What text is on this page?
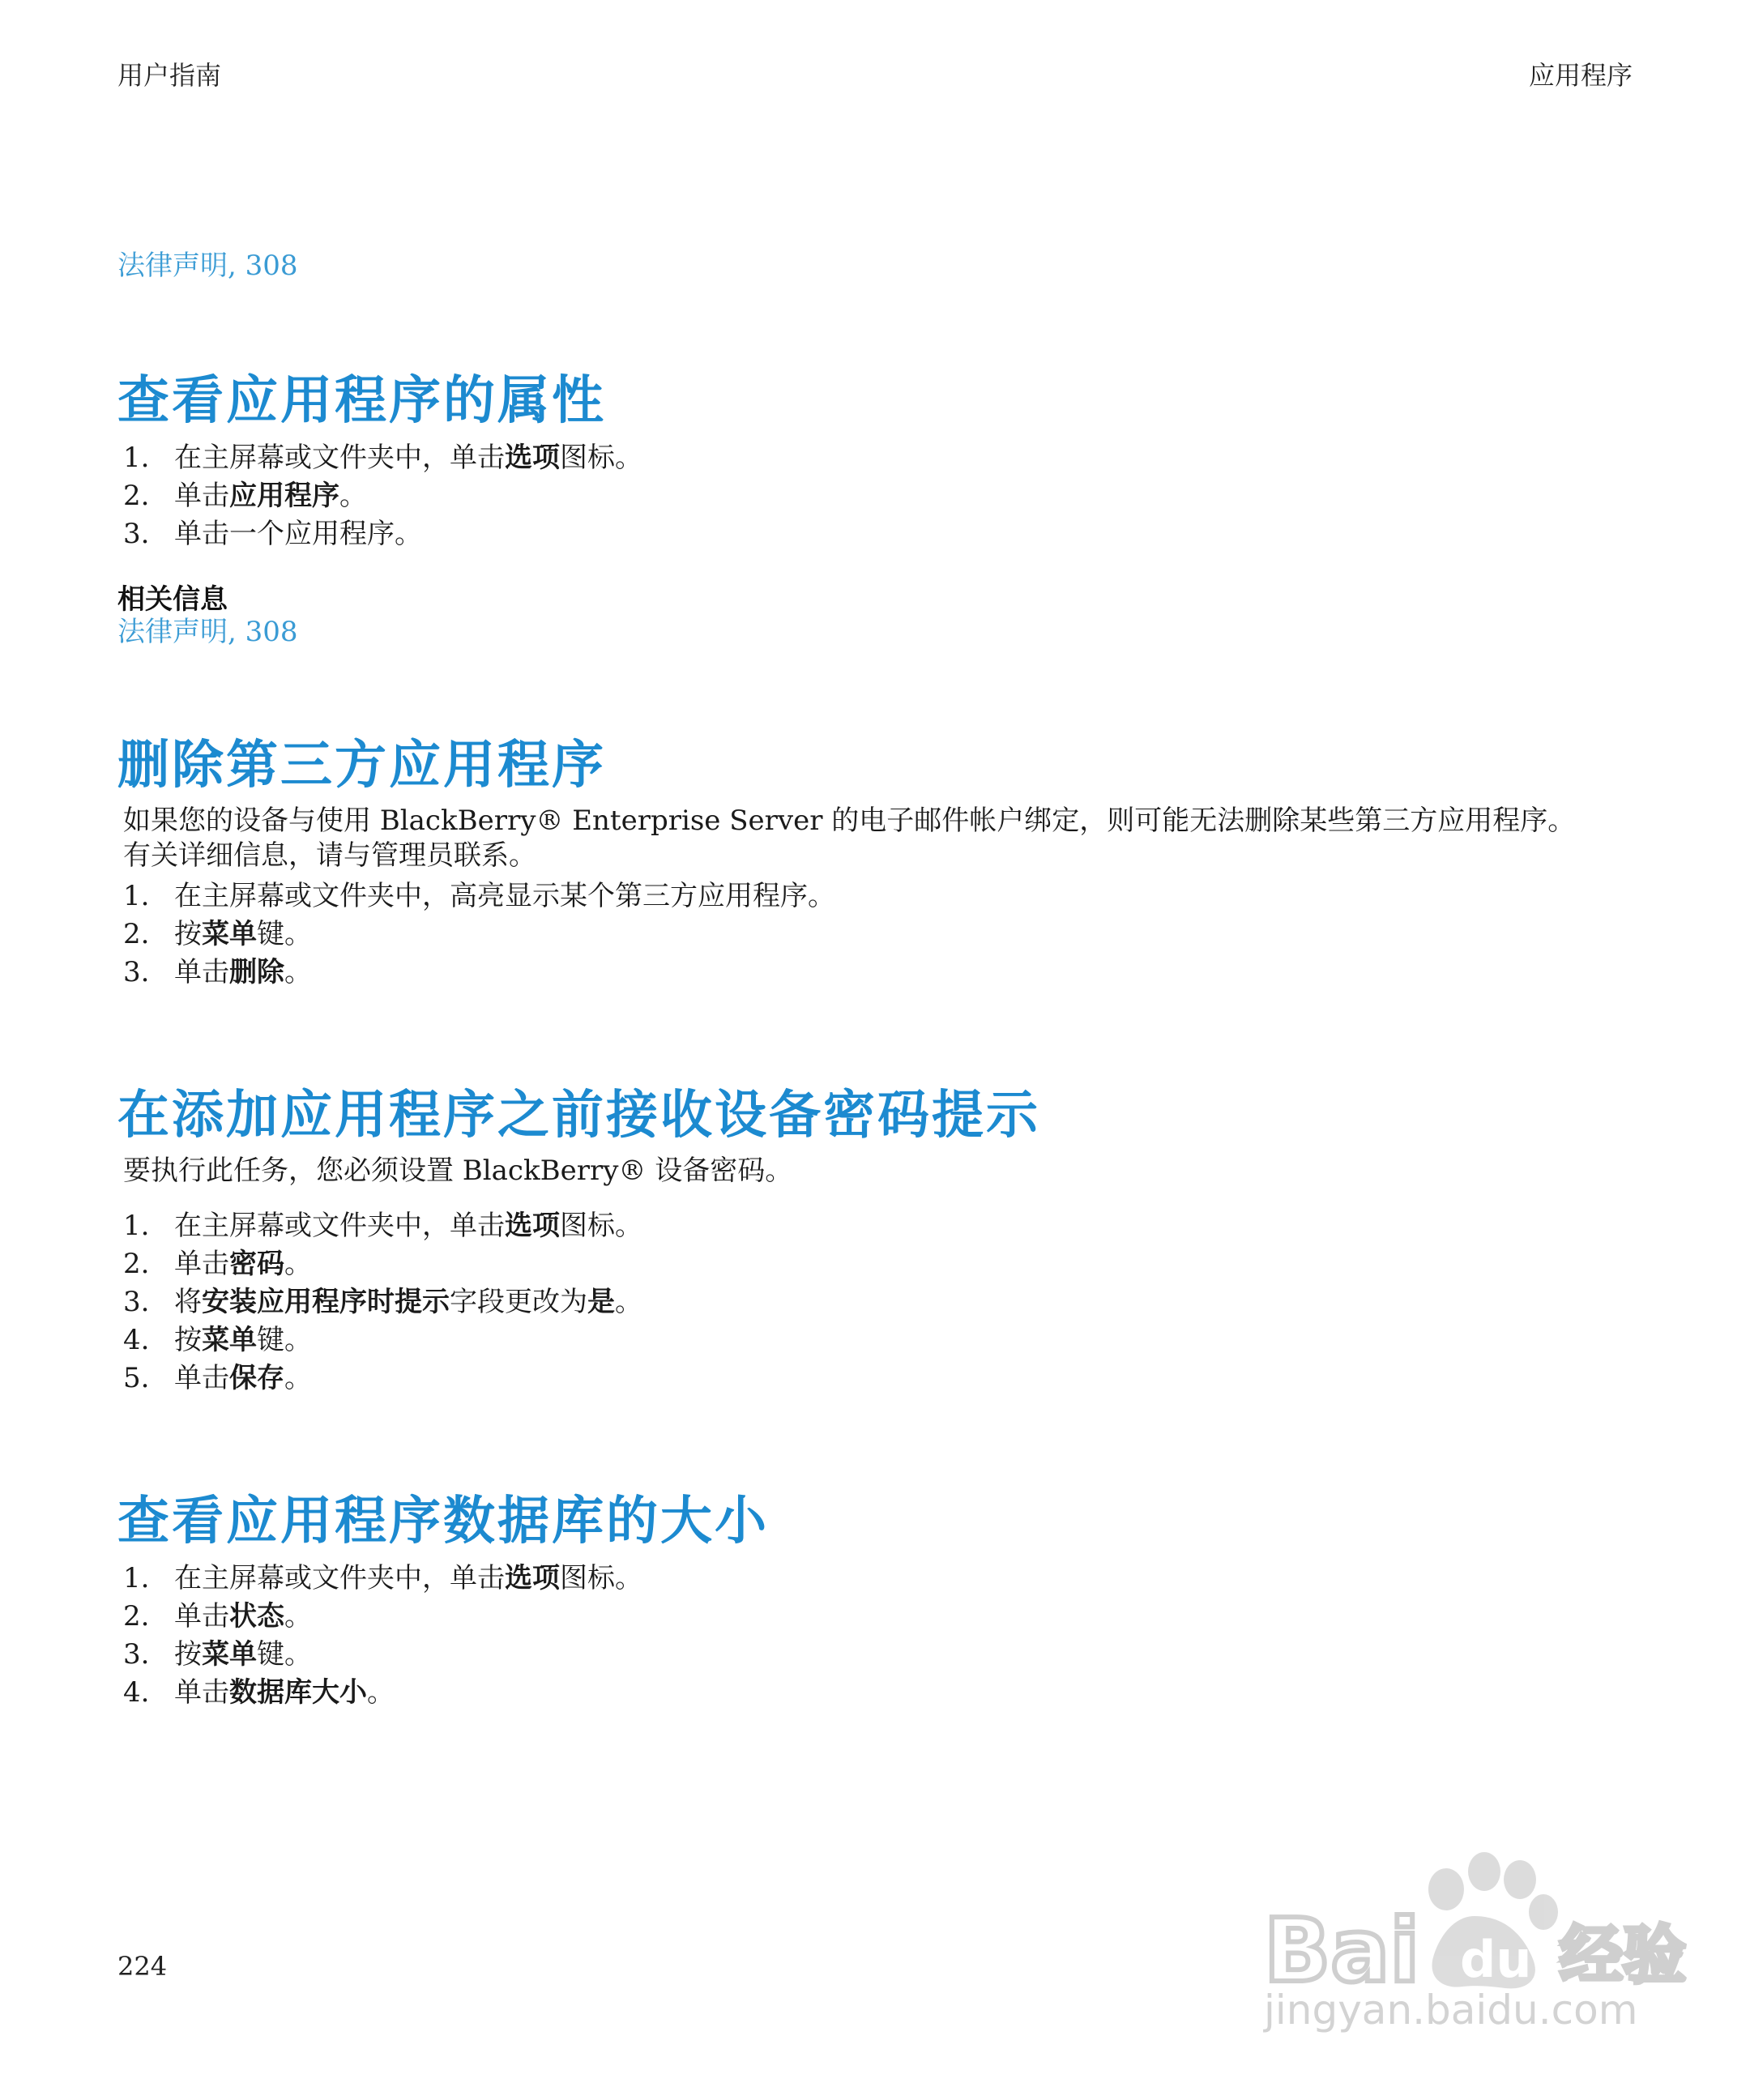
用户指南	应用程序
法律声明, 308
查看应用程序的属性
1. 在主屏幕或文件夹中，单击选项图标。
2. 单击应用程序。
3. 单击一个应用程序。
相关信息
法律声明, 308
删除第三方应用程序
如果您的设备与使用 BlackBerry® Enterprise Server 的电子邮件帐户绑定，则可能无法删除某些第三方应用程序。
有关详细信息，请与管理员联系。
1. 在主屏幕或文件夹中，高亮显示某个第三方应用程序。
2. 按菜单键。
3. 单击删除。
在添加应用程序之前接收设备密码提示
要执行此任务，您必须设置 BlackBerry® 设备密码。
1. 在主屏幕或文件夹中，单击选项图标。
2. 单击密码。
3. 将安装应用程序时提示字段更改为是。
4. 按菜单键。
5. 单击保存。
查看应用程序数据库的大小
1. 在主屏幕或文件夹中，单击选项图标。
2. 单击状态。
3. 按菜单键。
4. 单击数据库大小。
224	Bai du 经验
jingyan.baidu.com
